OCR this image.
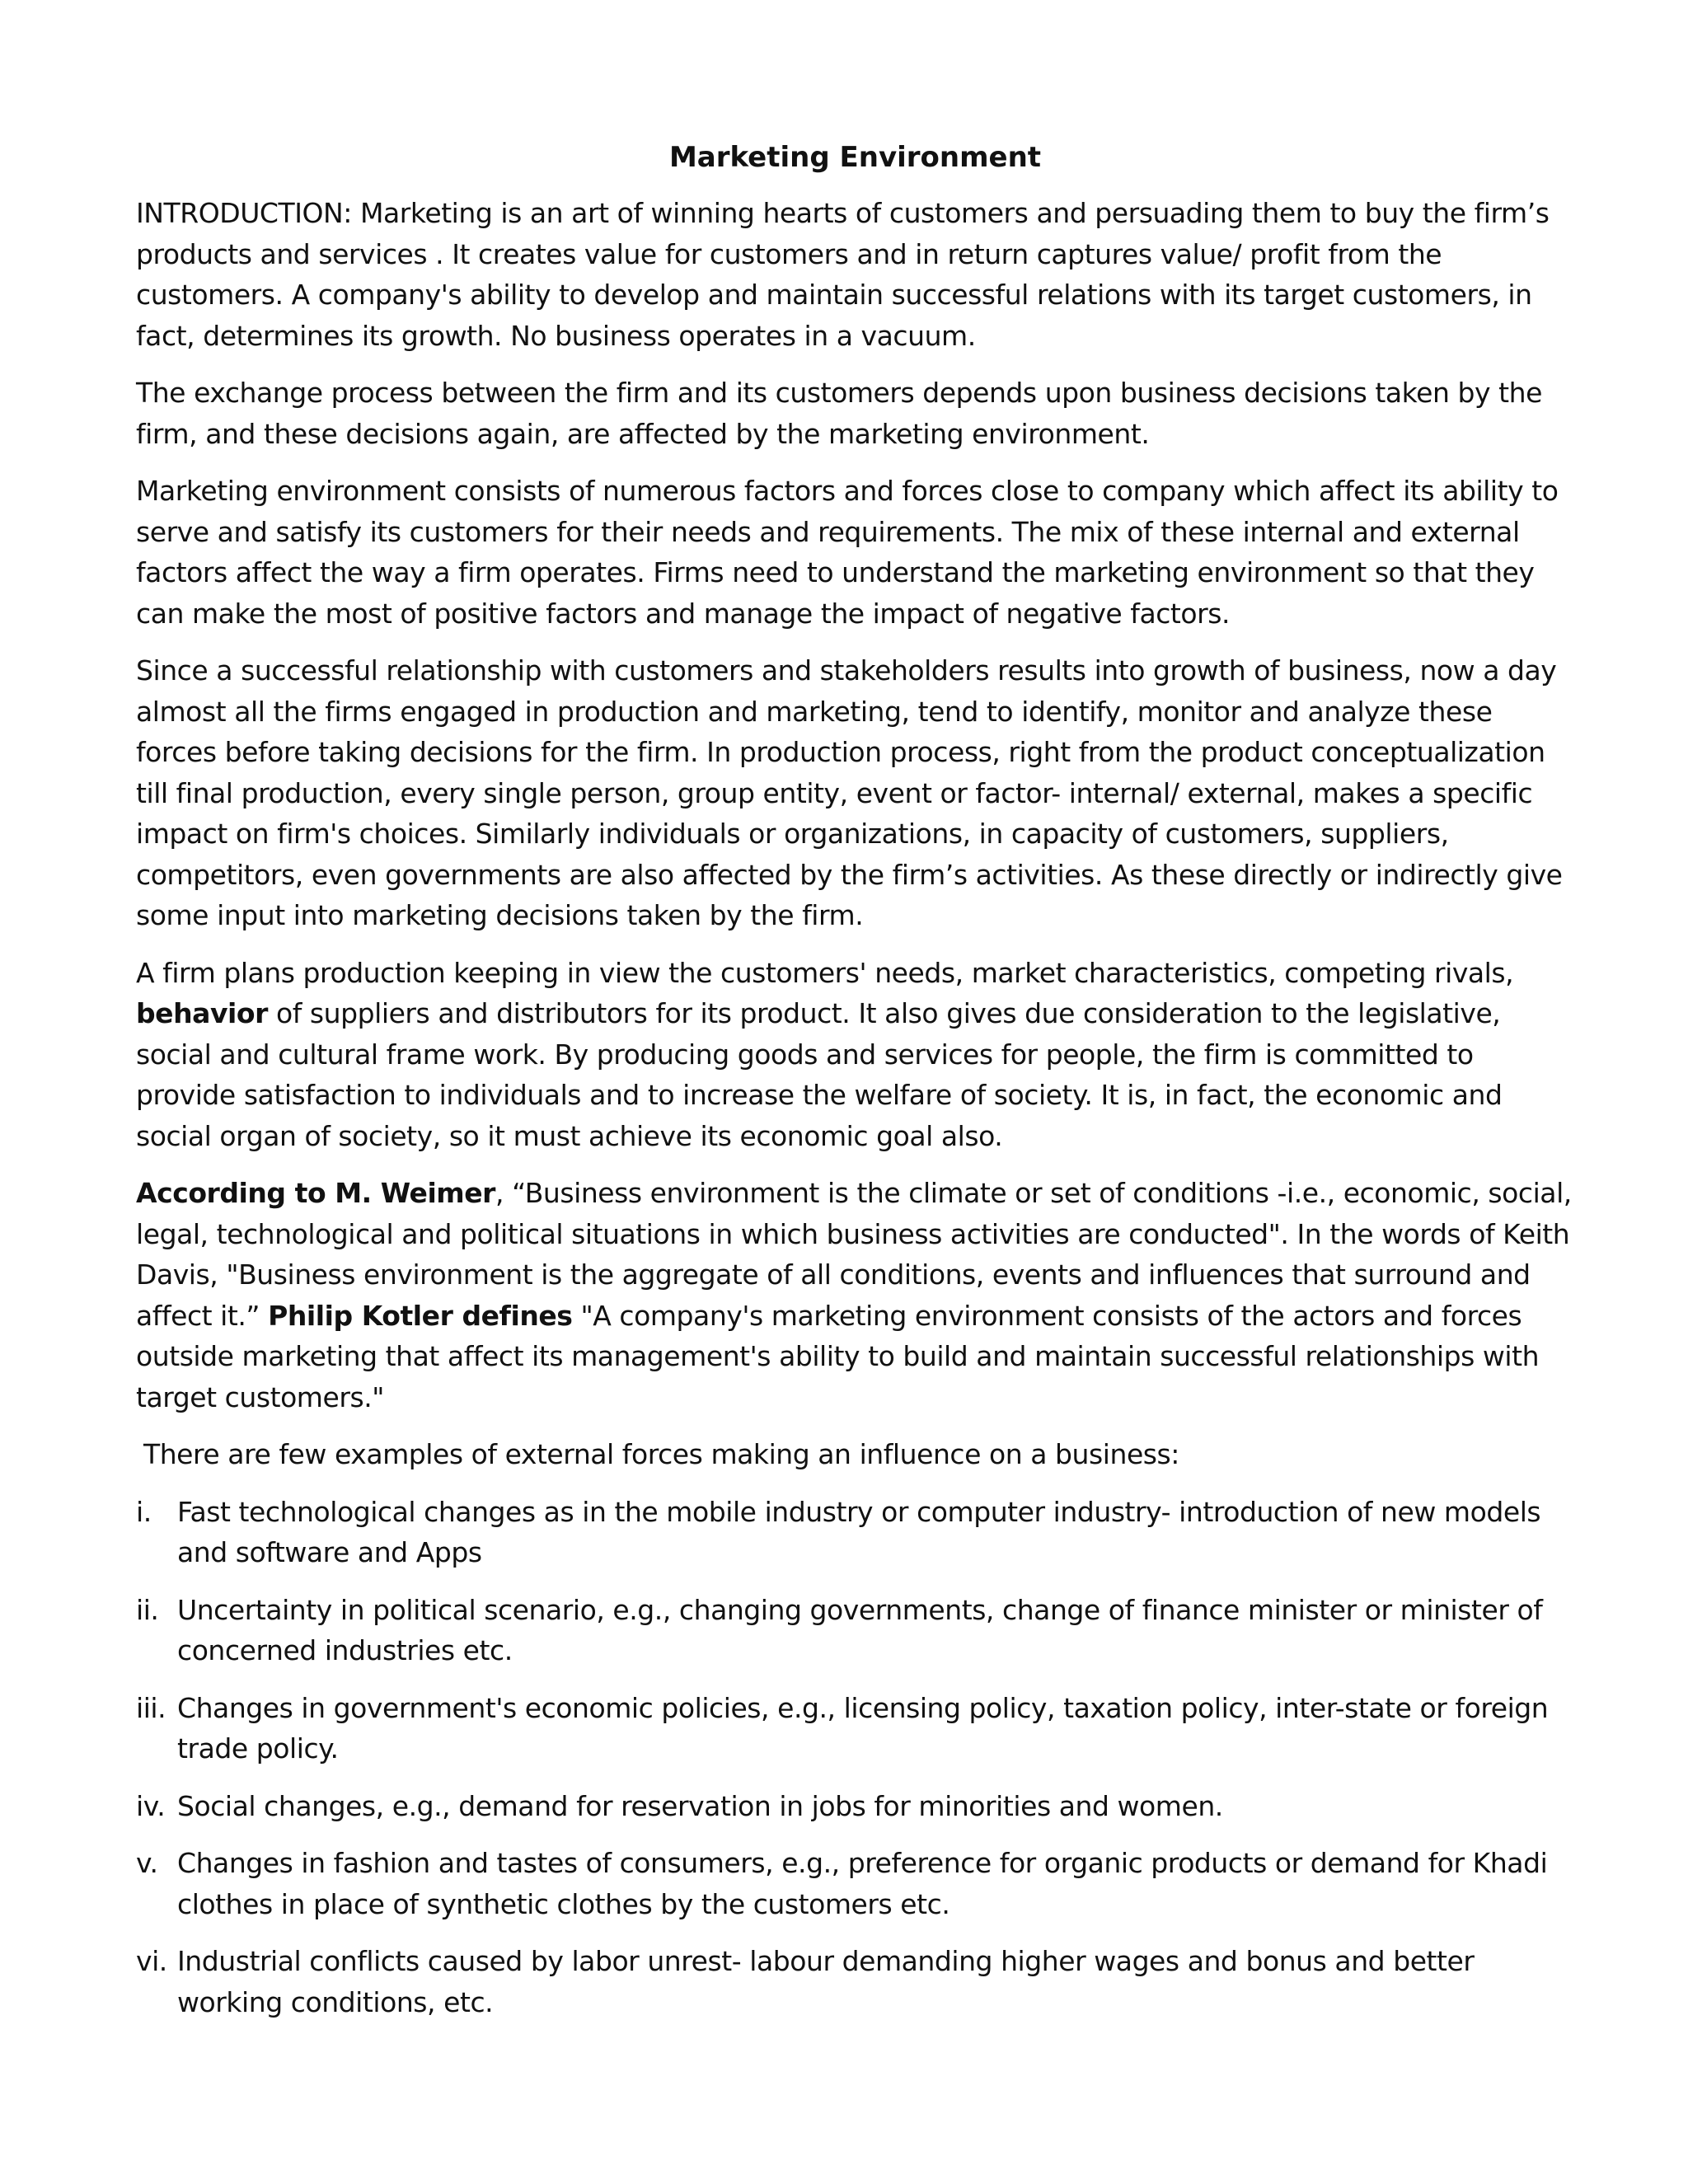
Marketing Environment

INTRODUCTION: Marketing is an art of winning hearts of customers and persuading them to buy the firm’s products and services . It creates value for customers and in return captures value/ profit from the customers. A company's ability to develop and maintain successful relations with its target customers, in fact, determines its growth. No business operates in a vacuum.

The exchange process between the firm and its customers depends upon business decisions taken by the firm, and these decisions again, are affected by the marketing environment.

Marketing environment consists of numerous factors and forces close to company which affect its ability to serve and satisfy its customers for their needs and requirements. The mix of these internal and external factors affect the way a firm operates. Firms need to understand the marketing environment so that they can make the most of positive factors and manage the impact of negative factors.

Since a successful relationship with customers and stakeholders results into growth of business, now a day almost all the firms engaged in production and marketing, tend to identify, monitor and analyze these forces before taking decisions for the firm. In production process, right from the product conceptualization till final production, every single person, group entity, event or factor- internal/ external, makes a specific impact on firm's choices. Similarly individuals or organizations, in capacity of customers, suppliers, competitors, even governments are also affected by the firm’s activities. As these directly or indirectly give some input into marketing decisions taken by the firm.

A firm plans production keeping in view the customers' needs, market characteristics, competing rivals, behavior of suppliers and distributors for its product. It also gives due consideration to the legislative, social and cultural frame work. By producing goods and services for people, the firm is committed to provide satisfaction to individuals and to increase the welfare of society. It is, in fact, the economic and social organ of society, so it must achieve its economic goal also.

According to M. Weimer, “Business environment is the climate or set of conditions -i.e., economic, social, legal, technological and political situations in which business activities are conducted". In the words of Keith Davis, "Business environment is the aggregate of all conditions, events and influences that surround and affect it.” Philip Kotler defines "A company's marketing environment consists of the actors and forces outside marketing that affect its management's ability to build and maintain successful relationships with target customers."

There are few examples of external forces making an influence on a business:

i. Fast technological changes as in the mobile industry or computer industry- introduction of new models and software and Apps
ii. Uncertainty in political scenario, e.g., changing governments, change of finance minister or minister of concerned industries etc.
iii. Changes in government's economic policies, e.g., licensing policy, taxation policy, inter-state or foreign trade policy.
iv. Social changes, e.g., demand for reservation in jobs for minorities and women.
v. Changes in fashion and tastes of consumers, e.g., preference for organic products or demand for Khadi clothes in place of synthetic clothes by the customers etc.
vi. Industrial conflicts caused by labor unrest- labour demanding higher wages and bonus and better working conditions, etc.
